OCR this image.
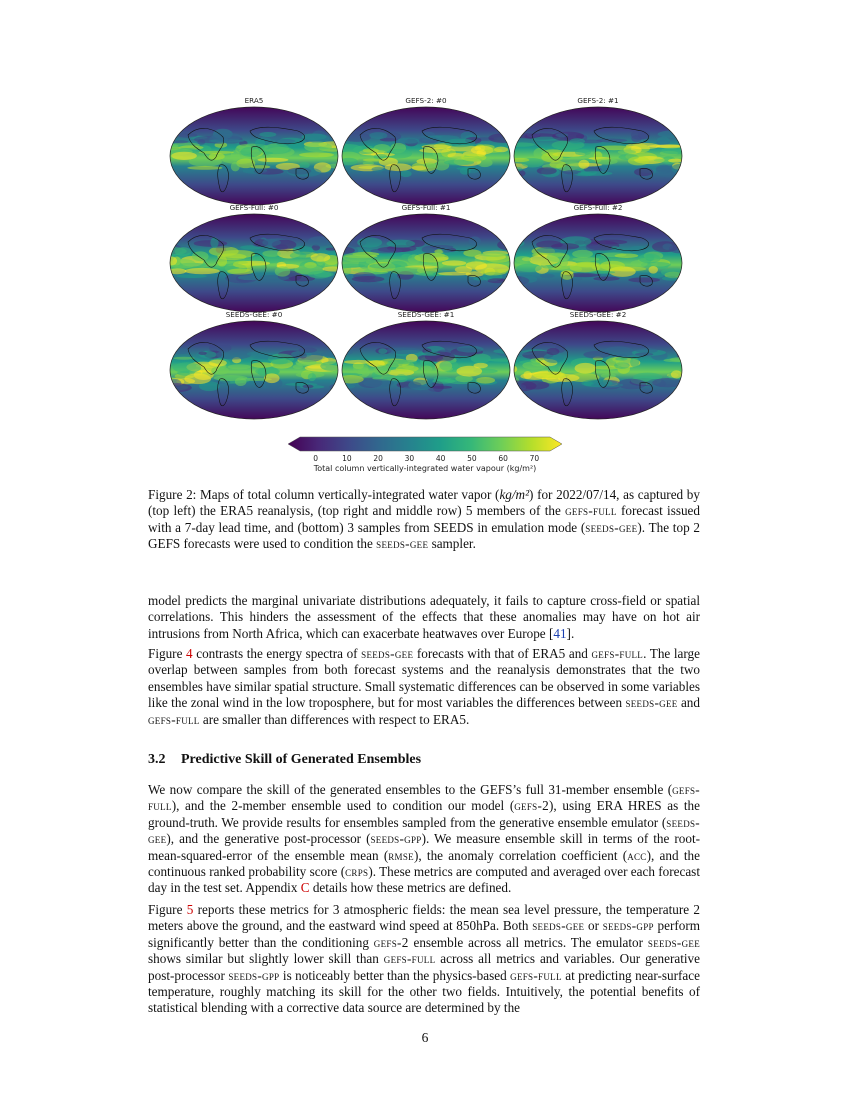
ERA5	GEFS-2: #0	GEFS-2: #1
GEFS-Full: #0	GEFS-Full: #1	GEFS-Full: #2
SEEDS-GEE: #0	SEEDS-GEE: #1	SEEDS-GEE: #2
0	10	20	30	40	50	60	70
Total column vertically-integrated water vapour (kg/m²)
Figure 2: Maps of total column vertically-integrated water vapor (kg/m²) for 2022/07/14, as captured by (top left) the ERA5 reanalysis, (top right and middle row) 5 members of the gefs-full forecast issued with a 7-day lead time, and (bottom) 3 samples from SEEDS in emulation mode (seeds-gee). The top 2 GEFS forecasts were used to condition the seeds-gee sampler.

model predicts the marginal univariate distributions adequately, it fails to capture cross-field or spatial correlations. This hinders the assessment of the effects that these anomalies may have on hot air intrusions from North Africa, which can exacerbate heatwaves over Europe [41].

Figure 4 contrasts the energy spectra of seeds-gee forecasts with that of ERA5 and gefs-full. The large overlap between samples from both forecast systems and the reanalysis demonstrates that the two ensembles have similar spatial structure. Small systematic differences can be observed in some variables like the zonal wind in the low troposphere, but for most variables the differences between seeds-gee and gefs-full are smaller than differences with respect to ERA5.

3.2 Predictive Skill of Generated Ensembles

We now compare the skill of the generated ensembles to the GEFS’s full 31-member ensemble (gefs-full), and the 2-member ensemble used to condition our model (gefs-2), using ERA HRES as the ground-truth. We provide results for ensembles sampled from the generative ensemble emulator (seeds-gee), and the generative post-processor (seeds-gpp). We measure ensemble skill in terms of the root-mean-squared-error of the ensemble mean (rmse), the anomaly correlation coefficient (acc), and the continuous ranked probability score (crps). These metrics are computed and averaged over each forecast day in the test set. Appendix C details how these metrics are defined.

Figure 5 reports these metrics for 3 atmospheric fields: the mean sea level pressure, the temperature 2 meters above the ground, and the eastward wind speed at 850hPa. Both seeds-gee or seeds-gpp perform significantly better than the conditioning gefs-2 ensemble across all metrics. The emulator seeds-gee shows similar but slightly lower skill than gefs-full across all metrics and variables. Our generative post-processor seeds-gpp is noticeably better than the physics-based gefs-full at predicting near-surface temperature, roughly matching its skill for the other two fields. Intuitively, the potential benefits of statistical blending with a corrective data source are determined by the

6
